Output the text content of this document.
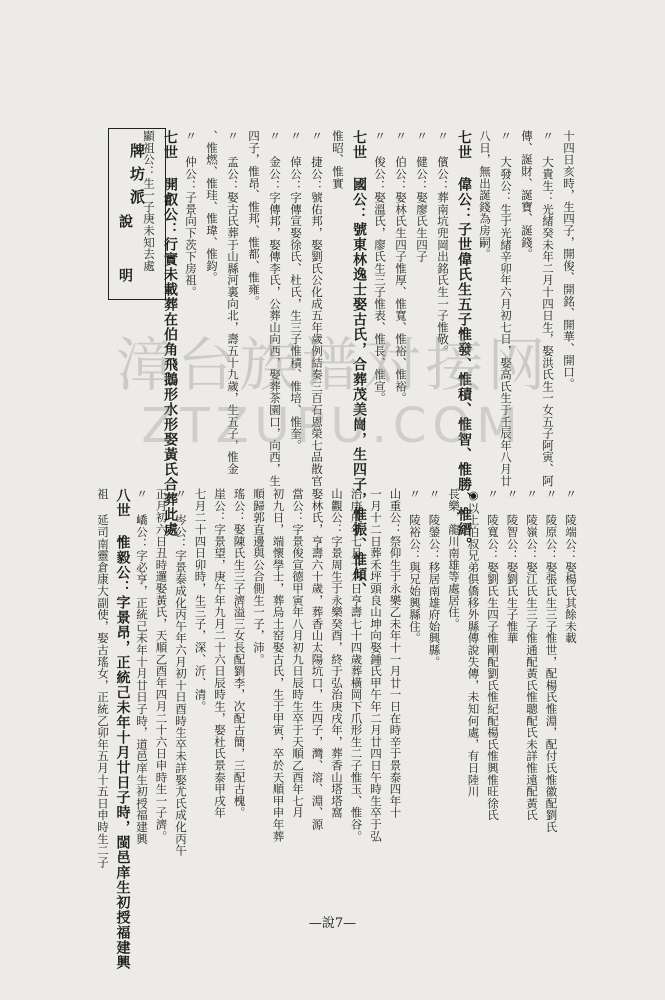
十四日亥時，生四子，開俊、開銘、開華、開口。
〃 大貴生：光緒癸未年二月十四日生，娶洪氏生一女五子阿寅、阿
傳、誕財、誕寶、誕錢。
〃 大發公：生于光緒辛卯年六月初七日，娶高氏生于壬辰年八月廿
八日，無出誕錢為房嗣。
七世 偉公：子世偉氏生五子惟發、惟積、惟智、惟勝、惟縉。
〃 儐公：葬南坑兜岡出銘氏生一子惟敬。
〃 健公：娶廖氏生四子
〃 伯公：娶林氏生四子惟厚、惟寬、惟裕、惟裕。
〃 俊公：娶溫氏，廖氏生三子惟表、惟長、惟宣。
七世 國公：號東林逸士娶古氏，合葬茂美崗，生四子，惟振、惟傾、
惟昭、惟實
〃 捷公：號佑邦，娶劉氏公化成五年歲例結奏三百石恩榮七品散官
〃 倬公：字傳宣娶徐氏、杜氏，生三子惟積、惟培、惟奎。
〃 金公：字傳邦，娶傳李氏，公葬山向西，娶葬茶園口，向西，生
四子，惟昂、惟邦、惟都、惟雍。
〃 孟公：娶古氏葬于山縣河裏向北，壽五十九歲，生五子，惟金
、惟燃、惟珪、惟瑋、惟鈞。
〃 仲公：子景向下茨下房祖。
七世 開叡公：行實未載葬在伯角飛鵝形水形娶黃氏合葬此處
顯祖公：生一子庚未知去處
牌坊派
說 明
〃 陵端公：娶楊氏其餘未載
〃 陵原公：娶張氏生三子惟世，配楊氏惟淵，配付氏惟徽配劉氏
〃 陵嶺公：娶江氏生三子惟通配黃氏惟聰配氏未詳惟遠配黃氏
〃 陵智公：娶劉氏生子惟華
〃 陵寬公：娶劉氏生四子惟剛配劉氏惟紀配楊氏惟興惟旺徐氏
◉以上伯叔兄弟俱僑移外縣傳說失傳，未知何處，有日陸川
長樂，龍川南雄等處居住。
〃 陵鎣公：移居南雄府始興縣。
〃 陵裕公：與兄始興縣住。
山重公：祭仰生于永樂乙未年十一月廿一日在時辛于景泰四年十
一月十二日葬禾坪頭良山坤向娶鍾氏甲午年二月廿四日午時生卒于弘
治庚戌年七月十六日亨壽七十四歲葬橫岡下爪形生二子惟玉、惟谷。
山觀公：字景周生于永樂癸酉，終于弘治庚戌年，葬香山塔塔窩
娶林氏，亨壽六十歲，葬香山太陽坑口，生四子，灣、溶、淵、源
當公：字景俊宣德甲寅年八月初九日辰時生卒于天順乙酉年七月
初九日，端懷學士，葬烏土窑娶古氏，生于甲寅，卒於天順甲申年葬
順歸郭直邊與公合側生一子，沛。
瑤公：娶陳氏生三子濟溢三女長配劉李，次配古簡，三配古槐。
崖公：字景望，庚午年九月二十六日辰時生，娶杜氏景泰甲戌年
七月二十四日卯時，生三子，深、沂、清。
〃 岑公：字景泰成化丙午年六月初十日酉時生卒未詳娶尤氏成化丙午
正月初六日丑時邏娶黃氏，天順乙酉年四月二十六日申時生一子濟。
〃 嶠公：字必亨，正統己未年十月廿日子時，道邑庠生初授福建興
八世 惟毅公：字景昂，正統己未年十月廿日子時，閩邑庠生初授福建興
祖 延司南靈倉康大副使，娶古瑤女，正統乙卯年五月十五日申時生二子
漳台族谱对接网
ZTZUPU.COM
—說7—
